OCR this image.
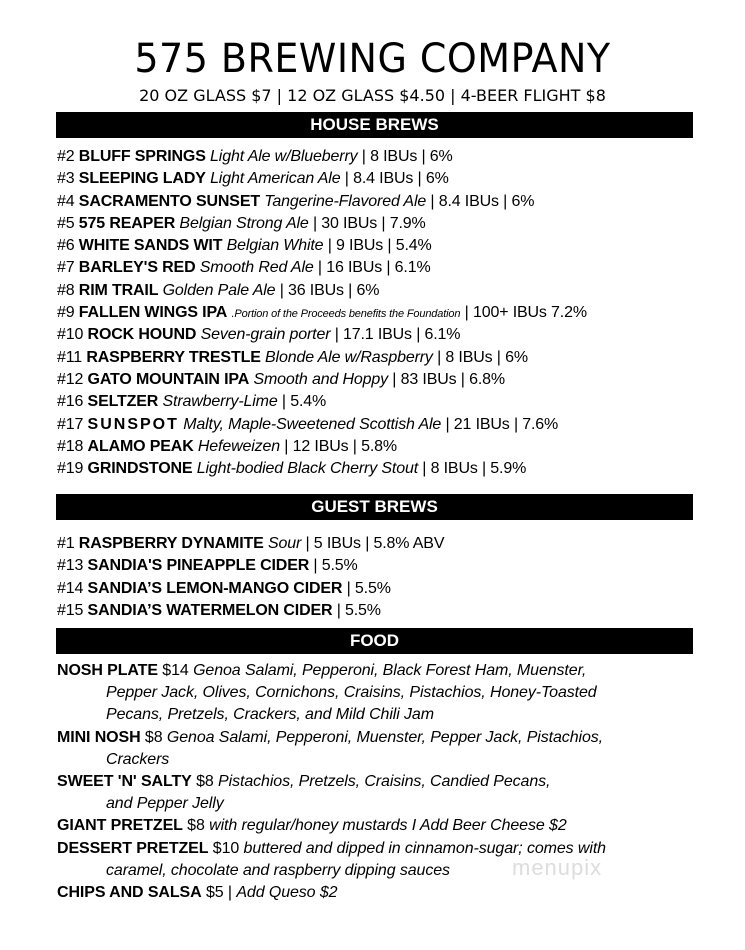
575 BREWING COMPANY
20 OZ GLASS $7 | 12 OZ GLASS $4.50 | 4-BEER FLIGHT $8
HOUSE BREWS
#2 BLUFF SPRINGS Light Ale w/Blueberry | 8 IBUs | 6%
#3 SLEEPING LADY Light American Ale | 8.4 IBUs | 6%
#4 SACRAMENTO SUNSET Tangerine-Flavored Ale | 8.4 IBUs | 6%
#5 575 REAPER Belgian Strong Ale | 30 IBUs | 7.9%
#6 WHITE SANDS WIT Belgian White | 9 IBUs | 5.4%
#7 BARLEY'S RED Smooth Red Ale | 16 IBUs | 6.1%
#8 RIM TRAIL Golden Pale Ale | 36 IBUs | 6%
#9 FALLEN WINGS IPA .Portion of the Proceeds benefits the Foundation | 100+ IBUs 7.2%
#10 ROCK HOUND Seven-grain porter | 17.1 IBUs | 6.1%
#11 RASPBERRY TRESTLE Blonde Ale w/Raspberry | 8 IBUs | 6%
#12 GATO MOUNTAIN IPA Smooth and Hoppy | 83 IBUs | 6.8%
#16 SELTZER Strawberry-Lime | 5.4%
#17 SUNSPOT Malty, Maple-Sweetened Scottish Ale | 21 IBUs | 7.6%
#18 ALAMO PEAK Hefeweizen | 12 IBUs | 5.8%
#19 GRINDSTONE Light-bodied Black Cherry Stout | 8 IBUs | 5.9%
GUEST BREWS
#1 RASPBERRY DYNAMITE Sour | 5 IBUs | 5.8% ABV
#13 SANDIA'S PINEAPPLE CIDER | 5.5%
#14 SANDIA’S LEMON-MANGO CIDER | 5.5%
#15 SANDIA’S WATERMELON CIDER | 5.5%
FOOD
NOSH PLATE $14 Genoa Salami, Pepperoni, Black Forest Ham, Muenster,
Pepper Jack, Olives, Cornichons, Craisins, Pistachios, Honey-Toasted
Pecans, Pretzels, Crackers, and Mild Chili Jam
MINI NOSH $8 Genoa Salami, Pepperoni, Muenster, Pepper Jack, Pistachios,
Crackers
SWEET 'N' SALTY $8 Pistachios, Pretzels, Craisins, Candied Pecans,
and Pepper Jelly
GIANT PRETZEL $8 with regular/honey mustards I Add Beer Cheese $2
DESSERT PRETZEL $10 buttered and dipped in cinnamon-sugar; comes with
caramel, chocolate and raspberry dipping sauces
CHIPS AND SALSA $5 | Add Queso $2
menupix
